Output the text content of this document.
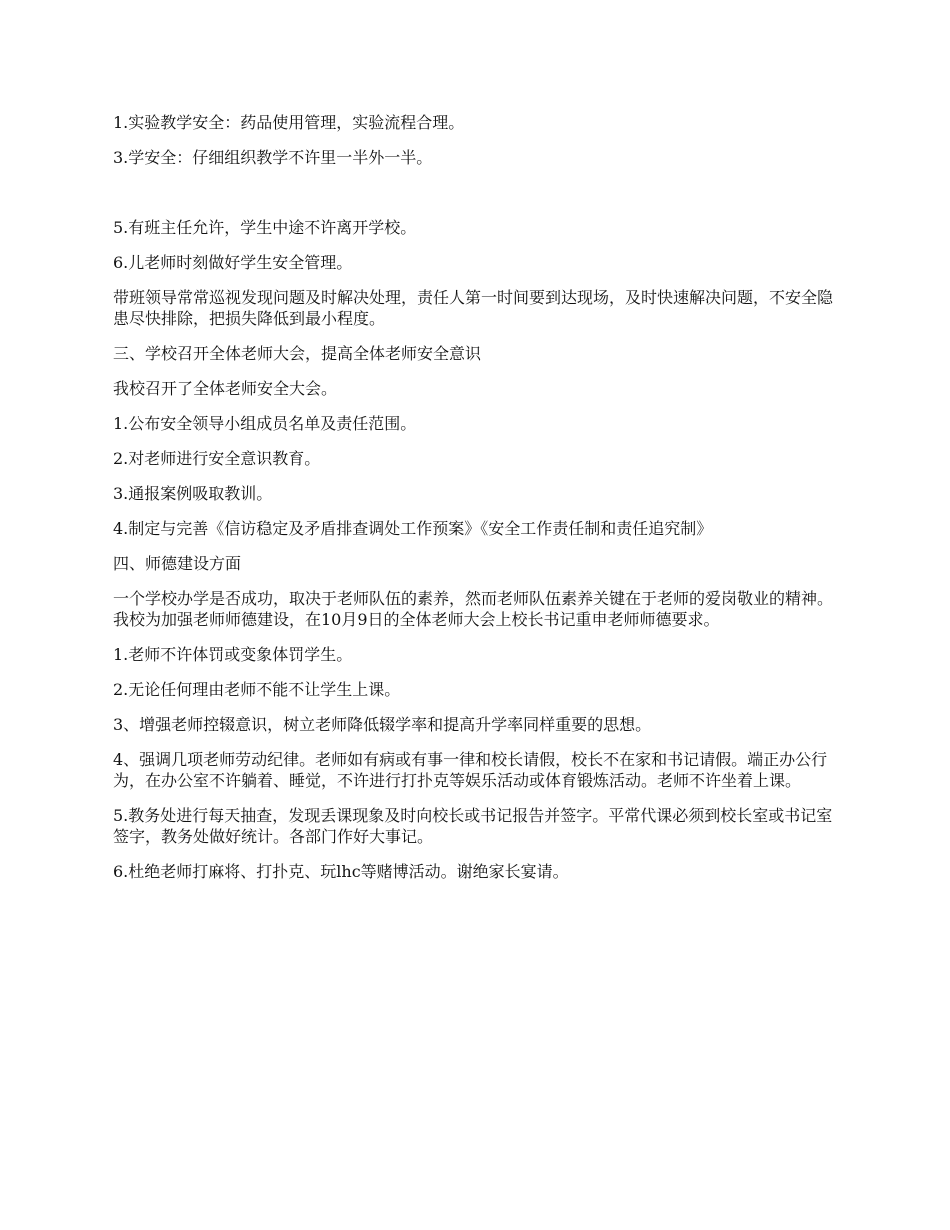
1.实验教学安全：药品使用管理，实验流程合理。

3.学安全：仔细组织教学不许里一半外一半。

5.有班主任允许，学生中途不许离开学校。

6.儿老师时刻做好学生安全管理。

带班领导常常巡视发现问题及时解决处理，责任人第一时间要到达现场，及时快速解决问题，不安全隐患尽快排除，把损失降低到最小程度。

三、学校召开全体老师大会，提高全体老师安全意识

我校召开了全体老师安全大会。

1.公布安全领导小组成员名单及责任范围。

2.对老师进行安全意识教育。

3.通报案例吸取教训。

4.制定与完善《信访稳定及矛盾排查调处工作预案》《安全工作责任制和责任追究制》

四、师德建设方面

一个学校办学是否成功，取决于老师队伍的素养，然而老师队伍素养关键在于老师的爱岗敬业的精神。我校为加强老师师德建设，在10月9日的全体老师大会上校长书记重申老师师德要求。

1.老师不许体罚或变象体罚学生。

2.无论任何理由老师不能不让学生上课。

3、增强老师控辍意识，树立老师降低辍学率和提高升学率同样重要的思想。

4、强调几项老师劳动纪律。老师如有病或有事一律和校长请假，校长不在家和书记请假。端正办公行为，在办公室不许躺着、睡觉，不许进行打扑克等娱乐活动或体育锻炼活动。老师不许坐着上课。

5.教务处进行每天抽查，发现丢课现象及时向校长或书记报告并签字。平常代课必须到校长室或书记室签字，教务处做好统计。各部门作好大事记。

6.杜绝老师打麻将、打扑克、玩lhc等赌博活动。谢绝家长宴请。
